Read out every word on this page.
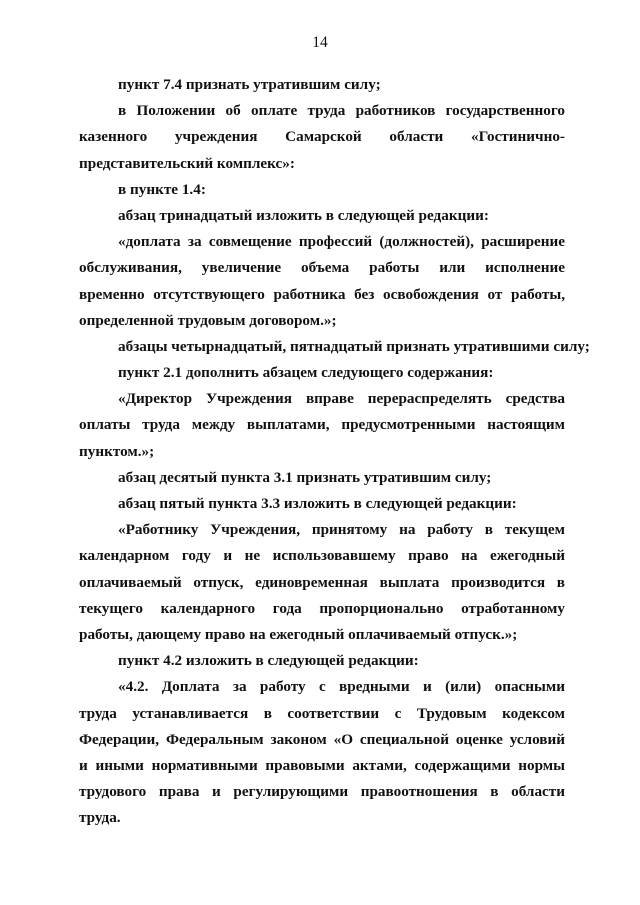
14
пункт 7.4 признать утратившим силу;
в Положении об оплате труда работников государственного
казенного учреждения Самарской области «Гостинично-
представительский комплекс»:
в пункте 1.4:
абзац тринадцатый изложить в следующей редакции:
«доплата за совмещение профессий (должностей), расширение
обслуживания, увеличение объема работы или исполнение
временно отсутствующего работника без освобождения от работы,
определенной трудовым договором.»;
абзацы четырнадцатый, пятнадцатый признать утратившими силу;
пункт 2.1 дополнить абзацем следующего содержания:
«Директор Учреждения вправе перераспределять средства
оплаты труда между выплатами, предусмотренными настоящим
пунктом.»;
абзац десятый пункта 3.1 признать утратившим силу;
абзац пятый пункта 3.3 изложить в следующей редакции:
«Работнику Учреждения, принятому на работу в текущем
календарном году и не использовавшему право на ежегодный
оплачиваемый отпуск, единовременная выплата производится в
текущего календарного года пропорционально отработанному
работы, дающему право на ежегодный оплачиваемый отпуск.»;
пункт 4.2 изложить в следующей редакции:
«4.2. Доплата за работу с вредными и (или) опасными
труда устанавливается в соответствии с Трудовым кодексом
Федерации, Федеральным законом «О специальной оценке условий
и иными нормативными правовыми актами, содержащими нормы
трудового права и регулирующими правоотношения в области
труда.
